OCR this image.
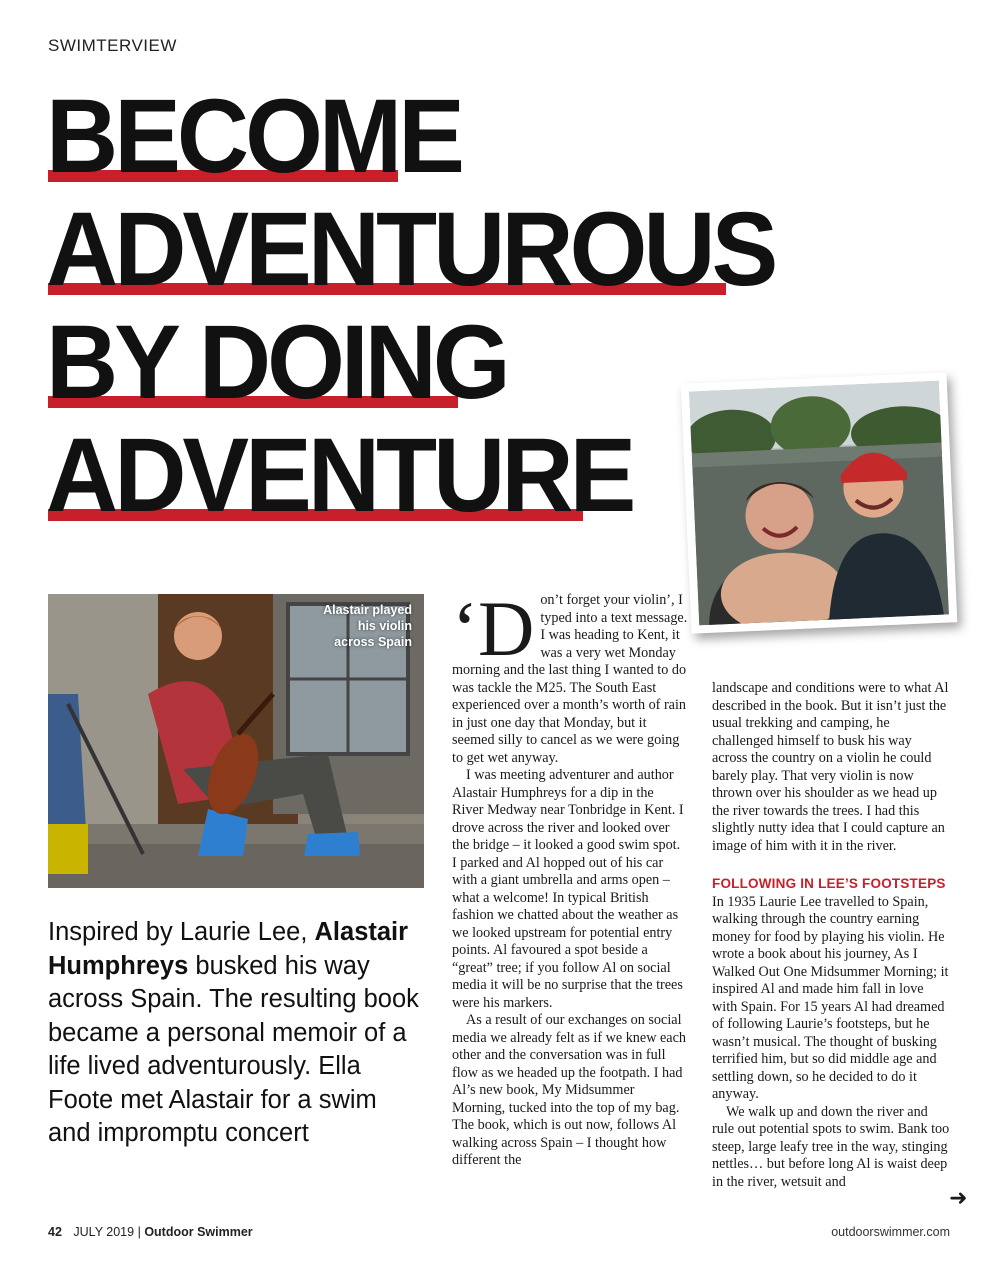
SWIMTERVIEW
BECOME
ADVENTUROUS
BY DOING
ADVENTURE
Alastair played his violin across Spain
Inspired by Laurie Lee, Alastair Humphreys busked his way across Spain. The resulting book became a personal memoir of a life lived adventurously. Ella Foote met Alastair for a swim and impromptu concert

‘Don’t forget your violin’, I typed into a text message. I was heading to Kent, it was a very wet Monday morning and the last thing I wanted to do was tackle the M25. The South East experienced over a month’s worth of rain in just one day that Monday, but it seemed silly to cancel as we were going to get wet anyway.

I was meeting adventurer and author Alastair Humphreys for a dip in the River Medway near Tonbridge in Kent. I drove across the river and looked over the bridge – it looked a good swim spot. I parked and Al hopped out of his car with a giant umbrella and arms open – what a welcome! In typical British fashion we chatted about the weather as we looked upstream for potential entry points. Al favoured a spot beside a “great” tree; if you follow Al on social media it will be no surprise that the trees were his markers.

As a result of our exchanges on social media we already felt as if we knew each other and the conversation was in full flow as we headed up the footpath. I had Al’s new book, My Midsummer Morning, tucked into the top of my bag. The book, which is out now, follows Al walking across Spain – I thought how different the

landscape and conditions were to what Al described in the book. But it isn’t just the usual trekking and camping, he challenged himself to busk his way across the country on a violin he could barely play. That very violin is now thrown over his shoulder as we head up the river towards the trees. I had this slightly nutty idea that I could capture an image of him with it in the river.

FOLLOWING IN LEE’S FOOTSTEPS

In 1935 Laurie Lee travelled to Spain, walking through the country earning money for food by playing his violin. He wrote a book about his journey, As I Walked Out One Midsummer Morning; it inspired Al and made him fall in love with Spain. For 15 years Al had dreamed of following Laurie’s footsteps, but he wasn’t musical. The thought of busking terrified him, but so did middle age and settling down, so he decided to do it anyway.

We walk up and down the river and rule out potential spots to swim. Bank too steep, large leafy tree in the way, stinging nettles… but before long Al is waist deep in the river, wetsuit and

➜
42 JULY 2019 | Outdoor Swimmer	outdoorswimmer.com
